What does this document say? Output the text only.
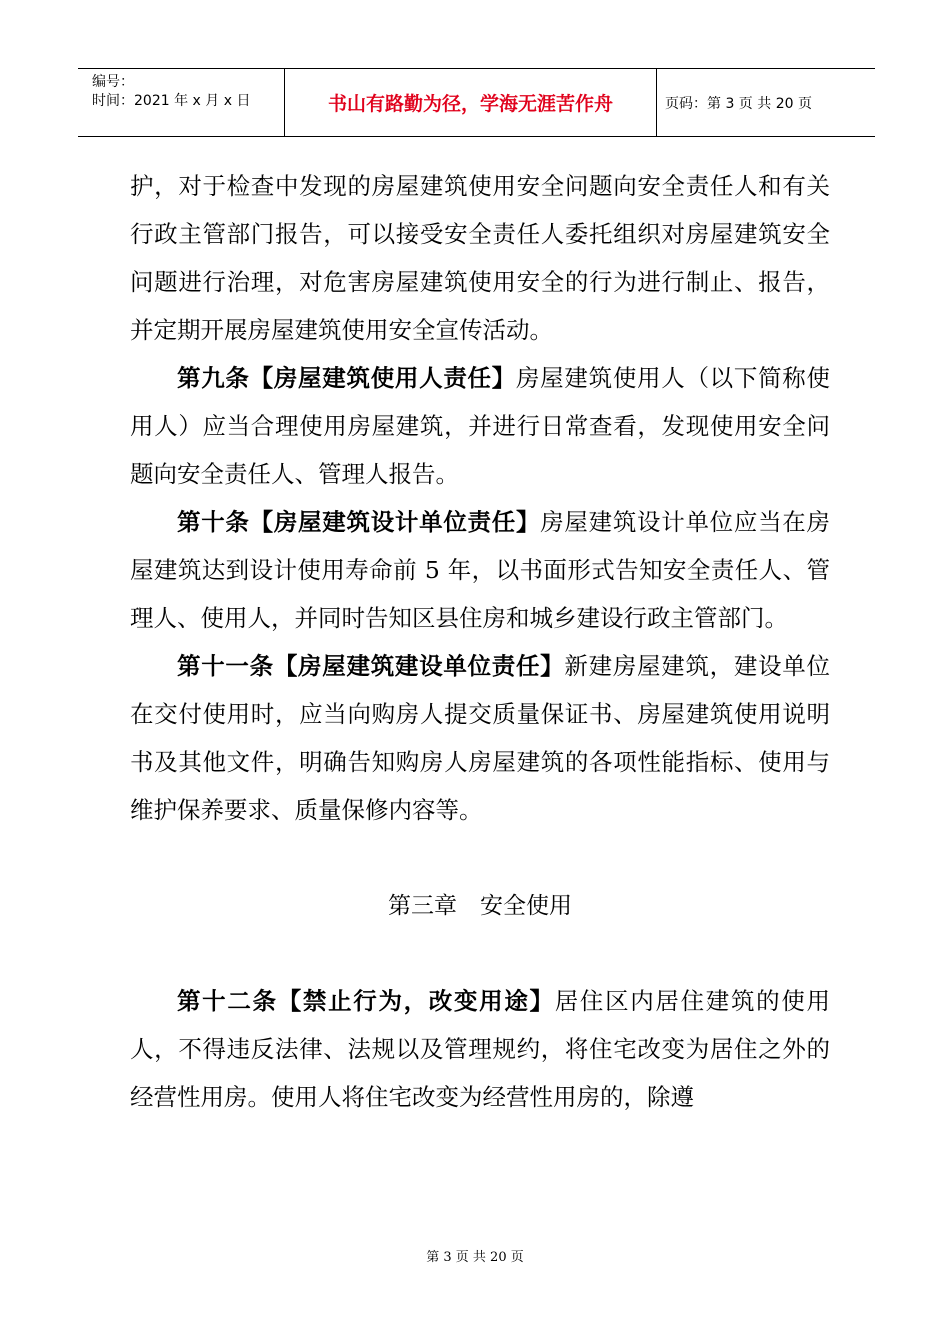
编号：
时间：2021 年 x 月 x 日	书山有路勤为径，学海无涯苦作舟	页码：第 3 页 共 20 页

护，对于检查中发现的房屋建筑使用安全问题向安全责任人和有关行政主管部门报告，可以接受安全责任人委托组织对房屋建筑安全问题进行治理，对危害房屋建筑使用安全的行为进行制止、报告，并定期开展房屋建筑使用安全宣传活动。

第九条【房屋建筑使用人责任】房屋建筑使用人（以下简称使用人）应当合理使用房屋建筑，并进行日常查看，发现使用安全问题向安全责任人、管理人报告。

第十条【房屋建筑设计单位责任】房屋建筑设计单位应当在房屋建筑达到设计使用寿命前 5 年，以书面形式告知安全责任人、管理人、使用人，并同时告知区县住房和城乡建设行政主管部门。

第十一条【房屋建筑建设单位责任】新建房屋建筑，建设单位在交付使用时，应当向购房人提交质量保证书、房屋建筑使用说明书及其他文件，明确告知购房人房屋建筑的各项性能指标、使用与维护保养要求、质量保修内容等。

第三章　安全使用

第十二条【禁止行为，改变用途】居住区内居住建筑的使用人，不得违反法律、法规以及管理规约，将住宅改变为居住之外的经营性用房。使用人将住宅改变为经营性用房的，除遵

第 3 页 共 20 页
